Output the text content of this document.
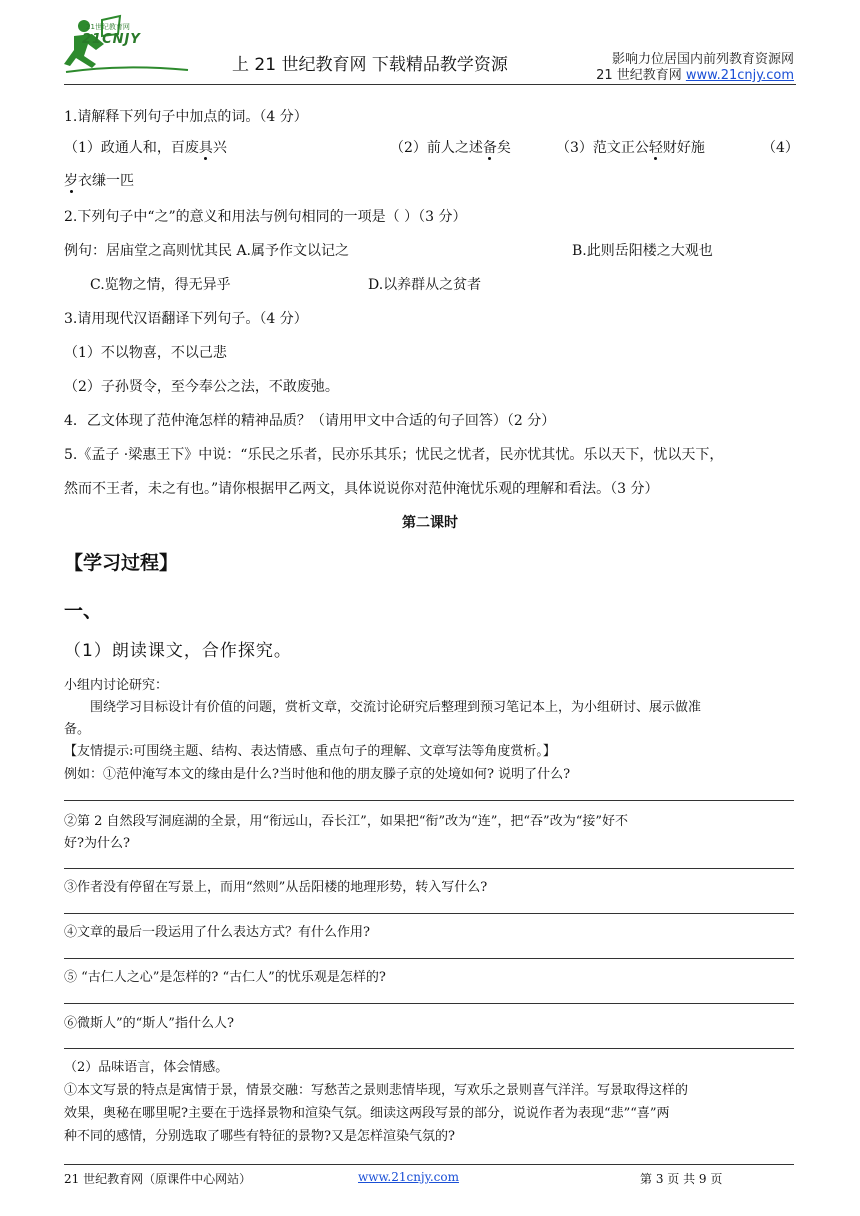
21世纪教育网
21CNJY
上 21 世纪教育网 下载精品教学资源	影响力位居国内前列教育资源网
21 世纪教育网 www.21cnjy.com
1.请解释下列句子中加点的词。（4 分）
（1）政通人和，百废具兴	（2）前人之述备矣	（3）范文正公轻财好施	（4）
岁衣缣一匹
2.下列句子中“之”的意义和用法与例句相同的一项是（ ）（3 分）
例句：居庙堂之高则忧其民 A.属予作文以记之	B.此则岳阳楼之大观也
C.览物之情，得无异乎	D.以养群从之贫者
3.请用现代汉语翻译下列句子。（4 分）
（1）不以物喜，不以己悲
（2）子孙贤令，至今奉公之法，不敢废弛。
4．乙文体现了范仲淹怎样的精神品质？（请用甲文中合适的句子回答）（2 分）
5.《孟子 ·梁惠王下》中说：“乐民之乐者，民亦乐其乐；忧民之忧者，民亦忧其忧。乐以天下，忧以天下，
然而不王者，未之有也。”请你根据甲乙两文，具体说说你对范仲淹忧乐观的理解和看法。（3 分）
第二课时
【学习过程】
一、
（1）朗读课文，合作探究。
小组内讨论研究：
围绕学习目标设计有价值的问题，赏析文章，交流讨论研究后整理到预习笔记本上，为小组研讨、展示做准
备。
【友情提示:可围绕主题、结构、表达情感、重点句子的理解、文章写法等角度赏析。】
例如：①范仲淹写本文的缘由是什么?当时他和他的朋友滕子京的处境如何? 说明了什么?
②第 2 自然段写洞庭湖的全景，用“衔远山，吞长江”，如果把“衔”改为“连”，把“吞”改为“接”好不
好?为什么?
③作者没有停留在写景上，而用“然则”从岳阳楼的地理形势，转入写什么?
④文章的最后一段运用了什么表达方式？有什么作用?
⑤ “古仁人之心”是怎样的? “古仁人”的忧乐观是怎样的?
⑥微斯人”的“斯人”指什么人?
（2）品味语言，体会情感。
①本文写景的特点是寓情于景，情景交融：写愁苦之景则悲情毕现，写欢乐之景则喜气洋洋。写景取得这样的
效果，奥秘在哪里呢?主要在于选择景物和渲染气氛。细读这两段写景的部分，说说作者为表现“悲”“喜”两
种不同的感情，分别选取了哪些有特征的景物?又是怎样渲染气氛的?
21 世纪教育网（原课件中心网站）	www.21cnjy.com	第 3 页 共 9 页
